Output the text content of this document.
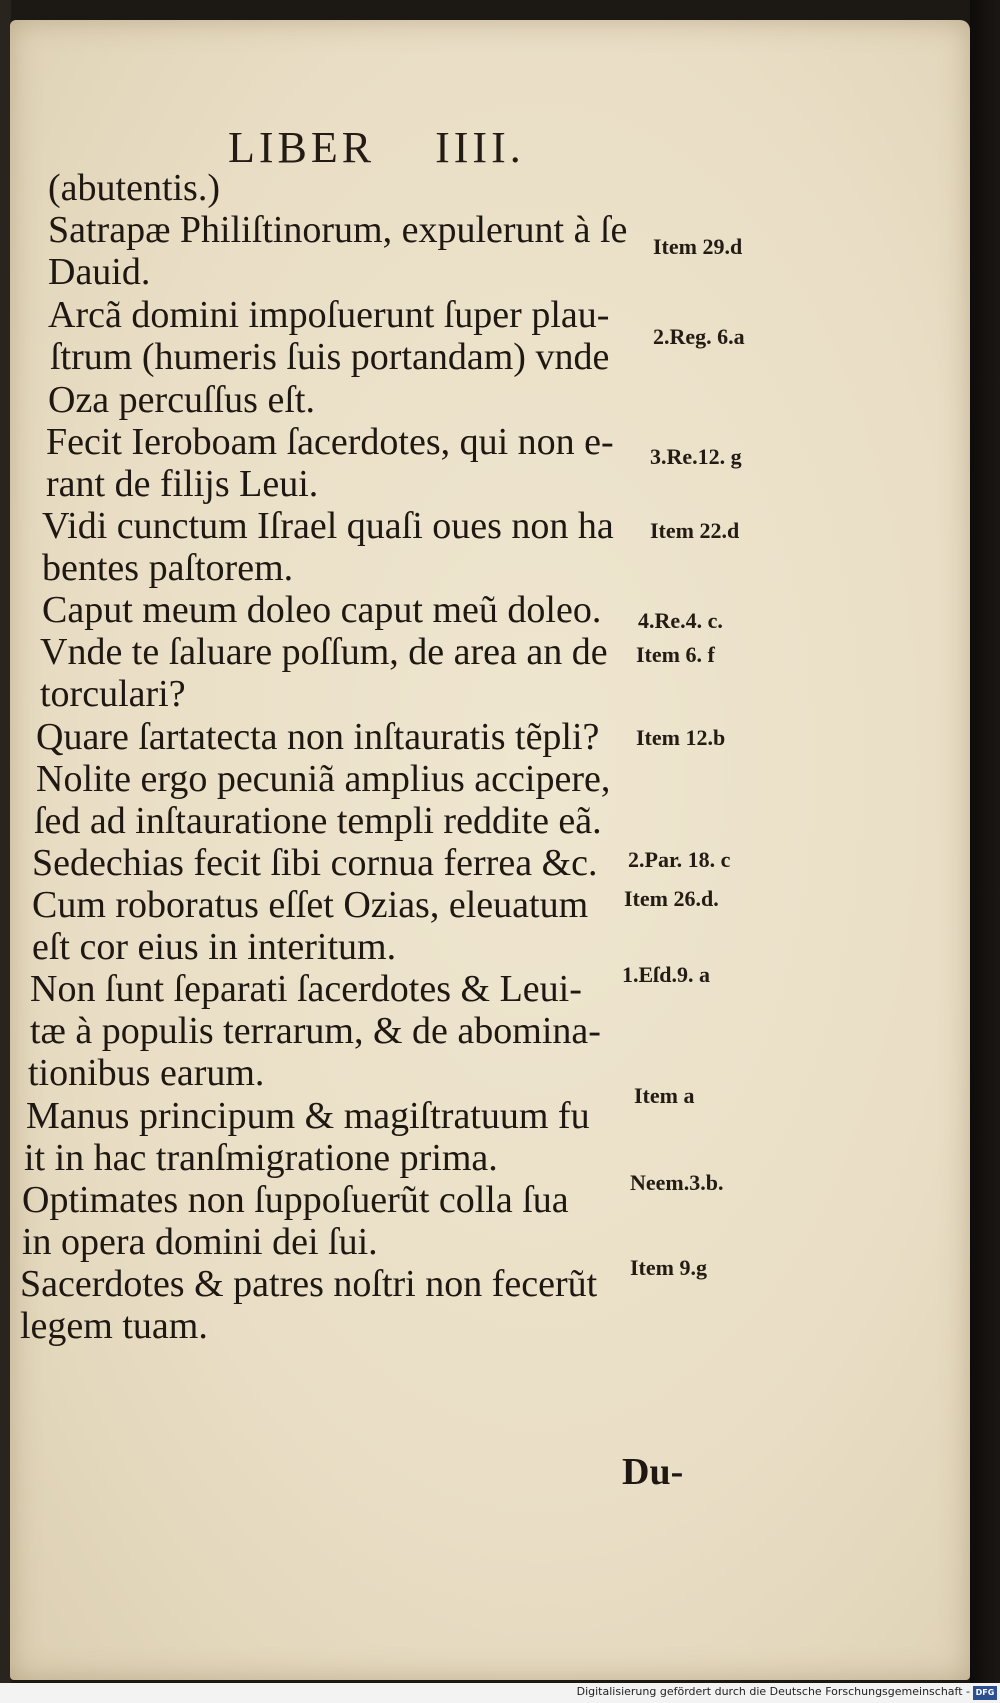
LIBER IIII.
(abutentis.)
Satrapæ Philiſtinorum, expulerunt à ſe
Dauid.
Arcã domini impoſuerunt ſuper plau-
ſtrum (humeris ſuis portandam) vnde
Oza percuſſus eſt.
Fecit Ieroboam ſacerdotes, qui non e-
rant de filijs Leui.
Vidi cunctum Iſrael quaſi oues non ha
bentes paſtorem.
Caput meum doleo caput meũ doleo.
Vnde te ſaluare poſſum, de area an de
torculari?
Quare ſartatecta non inſtauratis tẽpli?
Nolite ergo pecuniã amplius accipere,
ſed ad inſtauratione templi reddite eã.
Sedechias fecit ſibi cornua ferrea &c.
Cum roboratus eſſet Ozias, eleuatum
eſt cor eius in interitum.
Non ſunt ſeparati ſacerdotes & Leui-
tæ à populis terrarum, & de abomina-
tionibus earum.
Manus principum & magiſtratuum fu
it in hac tranſmigratione prima.
Optimates non ſuppoſuerũt colla ſua
in opera domini dei ſui.
Sacerdotes & patres noſtri non fecerũt
legem tuam.
Item 29.d
2.Reg. 6.a
3.Re.12. g
Item 22.d
4.Re.4. c.
Item 6. f
Item 12.b
2.Par. 18. c
Item 26.d.
1.Eſd.9. a
Item a
Neem.3.b.
Item 9.g
Du-
Digitalisierung gefördert durch die Deutsche Forschungsgemeinschaft - DFG
